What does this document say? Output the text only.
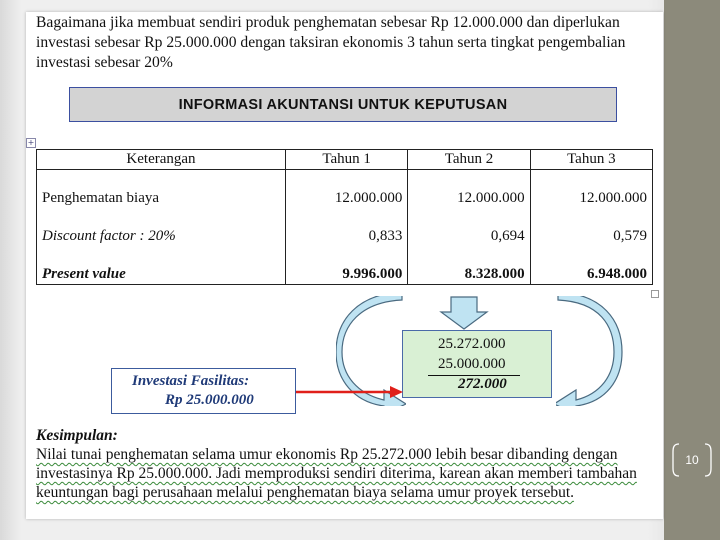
Bagaimana jika membuat sendiri produk penghematan sebesar Rp 12.000.000 dan diperlukan investasi sebesar Rp 25.000.000 dengan taksiran ekonomis 3 tahun serta tingkat pengembalian investasi sebesar 20%
INFORMASI AKUNTANSI UNTUK KEPUTUSAN
+
Keterangan	Tahun 1	Tahun 2	Tahun 3

Penghematan biaya	12.000.000	12.000.000	12.000.000

Discount factor : 20%	0,833	0,694	0,579

Present value	9.996.000	8.328.000	6.948.000
25.272.000
25.000.000
272.000
Investasi Fasilitas:
Rp 25.000.000
Kesimpulan:
Nilai tunai penghematan selama umur ekonomis Rp 25.272.000 lebih besar dibanding dengan investasinya Rp 25.000.000. Jadi memproduksi sendiri diterima, karean akan memberi tambahan keuntungan bagi perusahaan melalui penghematan biaya selama umur proyek tersebut.
10
